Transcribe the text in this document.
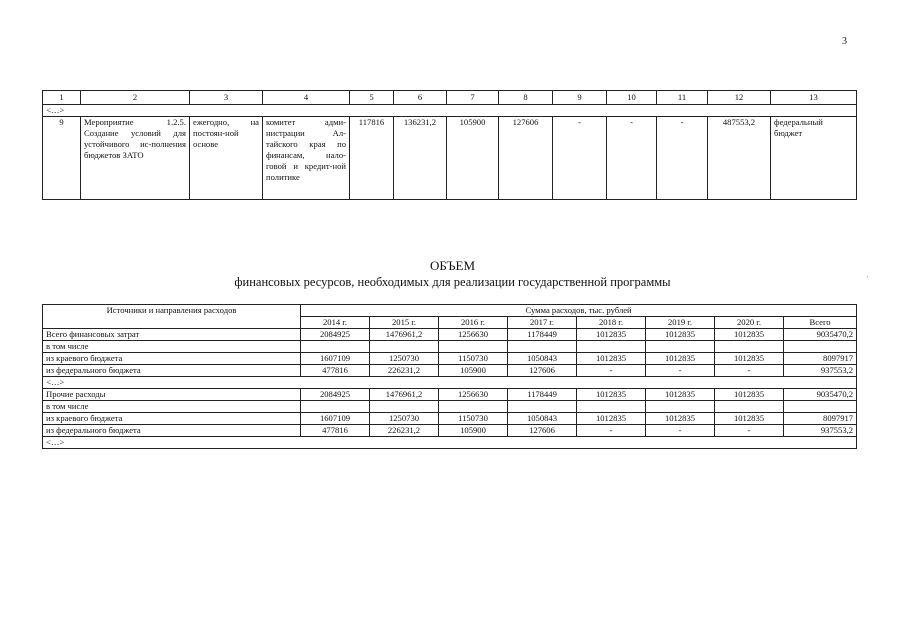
3
1	2	3	4	5	6	7	8	9	10	11	12	13
<…>												
9	Мероприятие 1.2.5. Создание условий для устойчивого ис-полнения бюджетов ЗАТО	ежегодно, на постоян-ной основе	комитет адми-нистрации Ал-тайского края по финансам, нало-говой и кредит-ной политике	117816	136231,2	105900	127606	-	-	-	487553,2	федеральный бюджет
ОБЪЕМ
финансовых ресурсов, необходимых для реализации государственной программы	·
Источники и направления расходов	Сумма расходов, тыс. рублей							
	2014 г.	2015 г.	2016 г.	2017 г.	2018 г.	2019 г.	2020 г.	Всего
Всего финансовых затрат	2084925	1476961,2	1256630	1178449	1012835	1012835	1012835	9035470,2
в том числе								
из краевого бюджета	1607109	1250730	1150730	1050843	1012835	1012835	1012835	8097917
из федерального бюджета	477816	226231,2	105900	127606	-	-	-	937553,2
<…>								
Прочие расходы	2084925	1476961,2	1256630	1178449	1012835	1012835	1012835	9035470,2
в том числе								
из краевого бюджета	1607109	1250730	1150730	1050843	1012835	1012835	1012835	8097917
из федерального бюджета	477816	226231,2	105900	127606	-	-	-	937553,2
<…>								
